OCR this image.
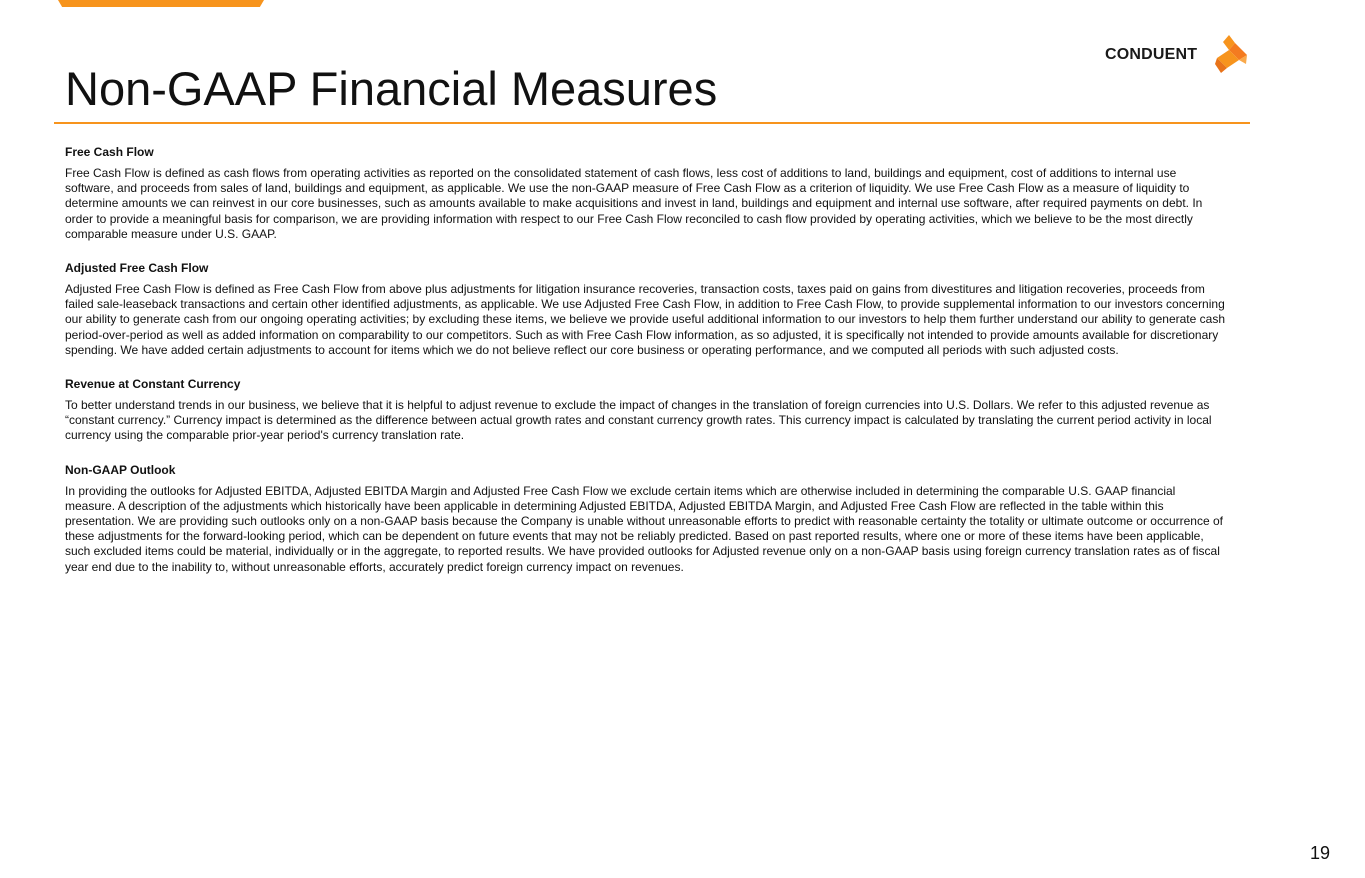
CONDUENT
Non-GAAP Financial Measures
Free Cash Flow

Free Cash Flow is defined as cash flows from operating activities as reported on the consolidated statement of cash flows, less cost of additions to land, buildings and equipment, cost of additions to internal use software, and proceeds from sales of land, buildings and equipment, as applicable. We use the non-GAAP measure of Free Cash Flow as a criterion of liquidity. We use Free Cash Flow as a measure of liquidity to determine amounts we can reinvest in our core businesses, such as amounts available to make acquisitions and invest in land, buildings and equipment and internal use software, after required payments on debt. In order to provide a meaningful basis for comparison, we are providing information with respect to our Free Cash Flow reconciled to cash flow provided by operating activities, which we believe to be the most directly comparable measure under U.S. GAAP.

Adjusted Free Cash Flow

Adjusted Free Cash Flow is defined as Free Cash Flow from above plus adjustments for litigation insurance recoveries, transaction costs, taxes paid on gains from divestitures and litigation recoveries, proceeds from failed sale-leaseback transactions and certain other identified adjustments, as applicable. We use Adjusted Free Cash Flow, in addition to Free Cash Flow, to provide supplemental information to our investors concerning our ability to generate cash from our ongoing operating activities; by excluding these items, we believe we provide useful additional information to our investors to help them further understand our ability to generate cash period-over-period as well as added information on comparability to our competitors. Such as with Free Cash Flow information, as so adjusted, it is specifically not intended to provide amounts available for discretionary spending. We have added certain adjustments to account for items which we do not believe reflect our core business or operating performance, and we computed all periods with such adjusted costs.

Revenue at Constant Currency

To better understand trends in our business, we believe that it is helpful to adjust revenue to exclude the impact of changes in the translation of foreign currencies into U.S. Dollars. We refer to this adjusted revenue as “constant currency.” Currency impact is determined as the difference between actual growth rates and constant currency growth rates. This currency impact is calculated by translating the current period activity in local currency using the comparable prior-year period's currency translation rate.

Non-GAAP Outlook

In providing the outlooks for Adjusted EBITDA, Adjusted EBITDA Margin and Adjusted Free Cash Flow we exclude certain items which are otherwise included in determining the comparable U.S. GAAP financial measure. A description of the adjustments which historically have been applicable in determining Adjusted EBITDA, Adjusted EBITDA Margin, and Adjusted Free Cash Flow are reflected in the table within this presentation. We are providing such outlooks only on a non-GAAP basis because the Company is unable without unreasonable efforts to predict with reasonable certainty the totality or ultimate outcome or occurrence of these adjustments for the forward-looking period, which can be dependent on future events that may not be reliably predicted. Based on past reported results, where one or more of these items have been applicable, such excluded items could be material, individually or in the aggregate, to reported results. We have provided outlooks for Adjusted revenue only on a non-GAAP basis using foreign currency translation rates as of fiscal year end due to the inability to, without unreasonable efforts, accurately predict foreign currency impact on revenues.

19
